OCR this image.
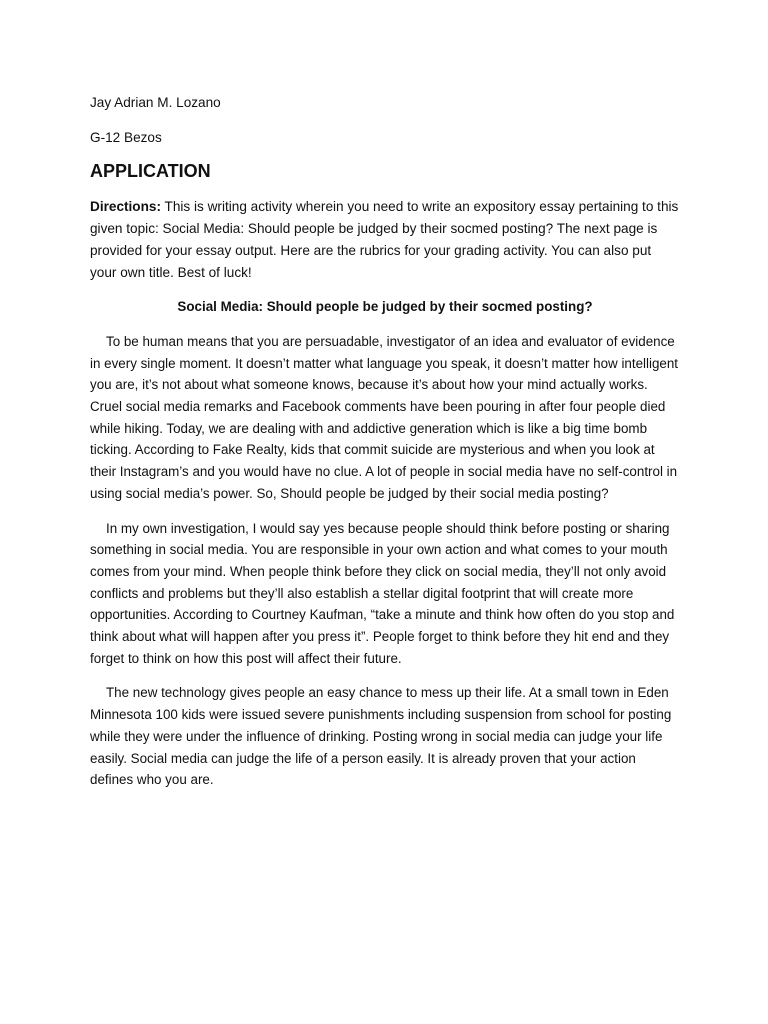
Jay Adrian M. Lozano

G-12 Bezos

APPLICATION

Directions: This is writing activity wherein you need to write an expository essay pertaining to this given topic: Social Media: Should people be judged by their socmed posting? The next page is provided for your essay output. Here are the rubrics for your grading activity. You can also put your own title. Best of luck!

Social Media: Should people be judged by their socmed posting?

To be human means that you are persuadable, investigator of an idea and evaluator of evidence in every single moment. It doesn’t matter what language you speak, it doesn’t matter how intelligent you are, it’s not about what someone knows, because it’s about how your mind actually works. Cruel social media remarks and Facebook comments have been pouring in after four people died while hiking. Today, we are dealing with and addictive generation which is like a big time bomb ticking. According to Fake Realty, kids that commit suicide are mysterious and when you look at their Instagram’s and you would have no clue. A lot of people in social media have no self-control in using social media’s power. So, Should people be judged by their social media posting?

In my own investigation, I would say yes because people should think before posting or sharing something in social media. You are responsible in your own action and what comes to your mouth comes from your mind. When people think before they click on social media, they’ll not only avoid conflicts and problems but they’ll also establish a stellar digital footprint that will create more opportunities. According to Courtney Kaufman, “take a minute and think how often do you stop and think about what will happen after you press it”. People forget to think before they hit end and they forget to think on how this post will affect their future.

The new technology gives people an easy chance to mess up their life. At a small town in Eden Minnesota 100 kids were issued severe punishments including suspension from school for posting while they were under the influence of drinking. Posting wrong in social media can judge your life easily. Social media can judge the life of a person easily. It is already proven that your action defines who you are.
